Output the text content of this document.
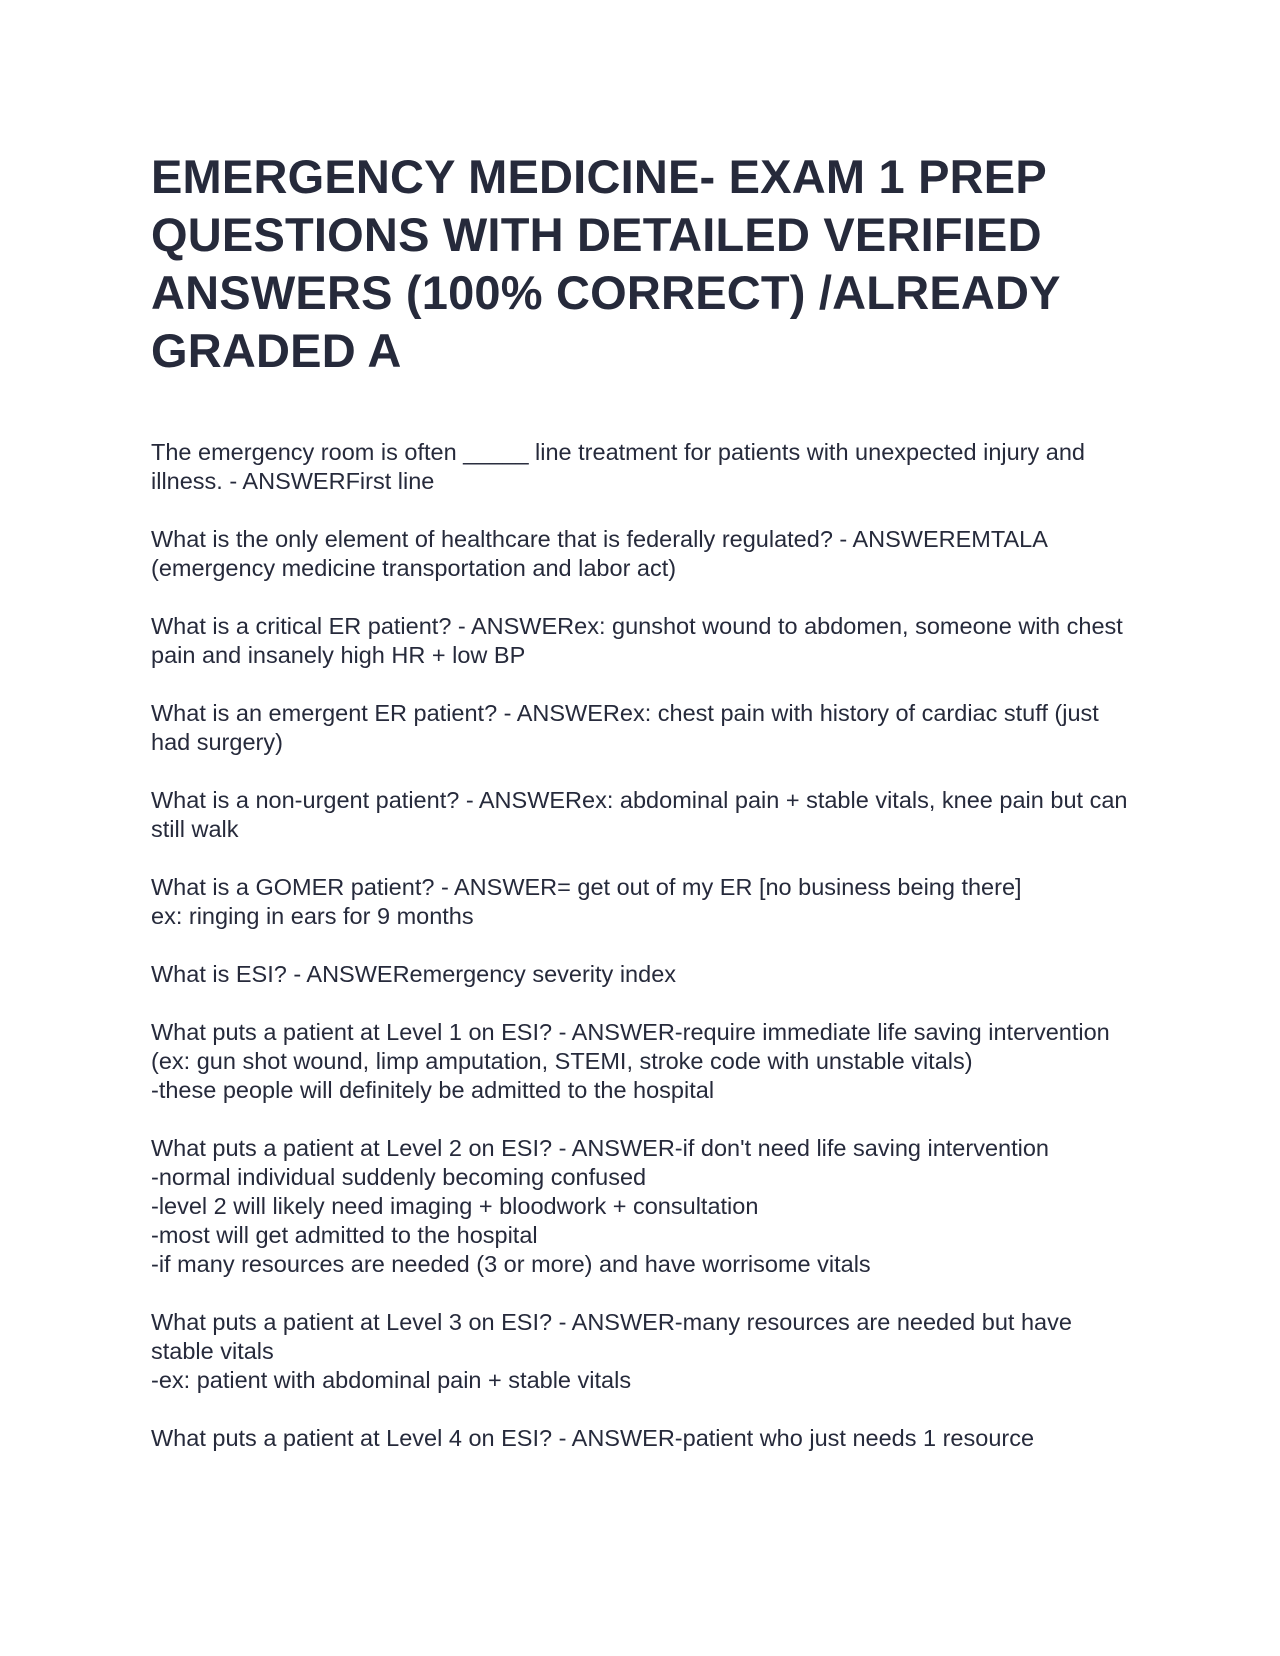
EMERGENCY MEDICINE- EXAM 1 PREP QUESTIONS WITH DETAILED VERIFIED ANSWERS (100% CORRECT) /ALREADY GRADED A
The emergency room is often _____ line treatment for patients with unexpected injury and illness. - ANSWERFirst line
What is the only element of healthcare that is federally regulated? - ANSWEREMTALA (emergency medicine transportation and labor act)
What is a critical ER patient? - ANSWERex: gunshot wound to abdomen, someone with chest pain and insanely high HR + low BP
What is an emergent ER patient? - ANSWERex: chest pain with history of cardiac stuff (just had surgery)
What is a non-urgent patient? - ANSWERex: abdominal pain + stable vitals, knee pain but can still walk
What is a GOMER patient? - ANSWER= get out of my ER [no business being there]
ex: ringing in ears for 9 months
What is ESI? - ANSWERemergency severity index
What puts a patient at Level 1 on ESI? - ANSWER-require immediate life saving intervention (ex: gun shot wound, limp amputation, STEMI, stroke code with unstable vitals)
-these people will definitely be admitted to the hospital
What puts a patient at Level 2 on ESI? - ANSWER-if don't need life saving intervention
-normal individual suddenly becoming confused
-level 2 will likely need imaging + bloodwork + consultation
-most will get admitted to the hospital
-if many resources are needed (3 or more) and have worrisome vitals
What puts a patient at Level 3 on ESI? - ANSWER-many resources are needed but have stable vitals
-ex: patient with abdominal pain + stable vitals
What puts a patient at Level 4 on ESI? - ANSWER-patient who just needs 1 resource
